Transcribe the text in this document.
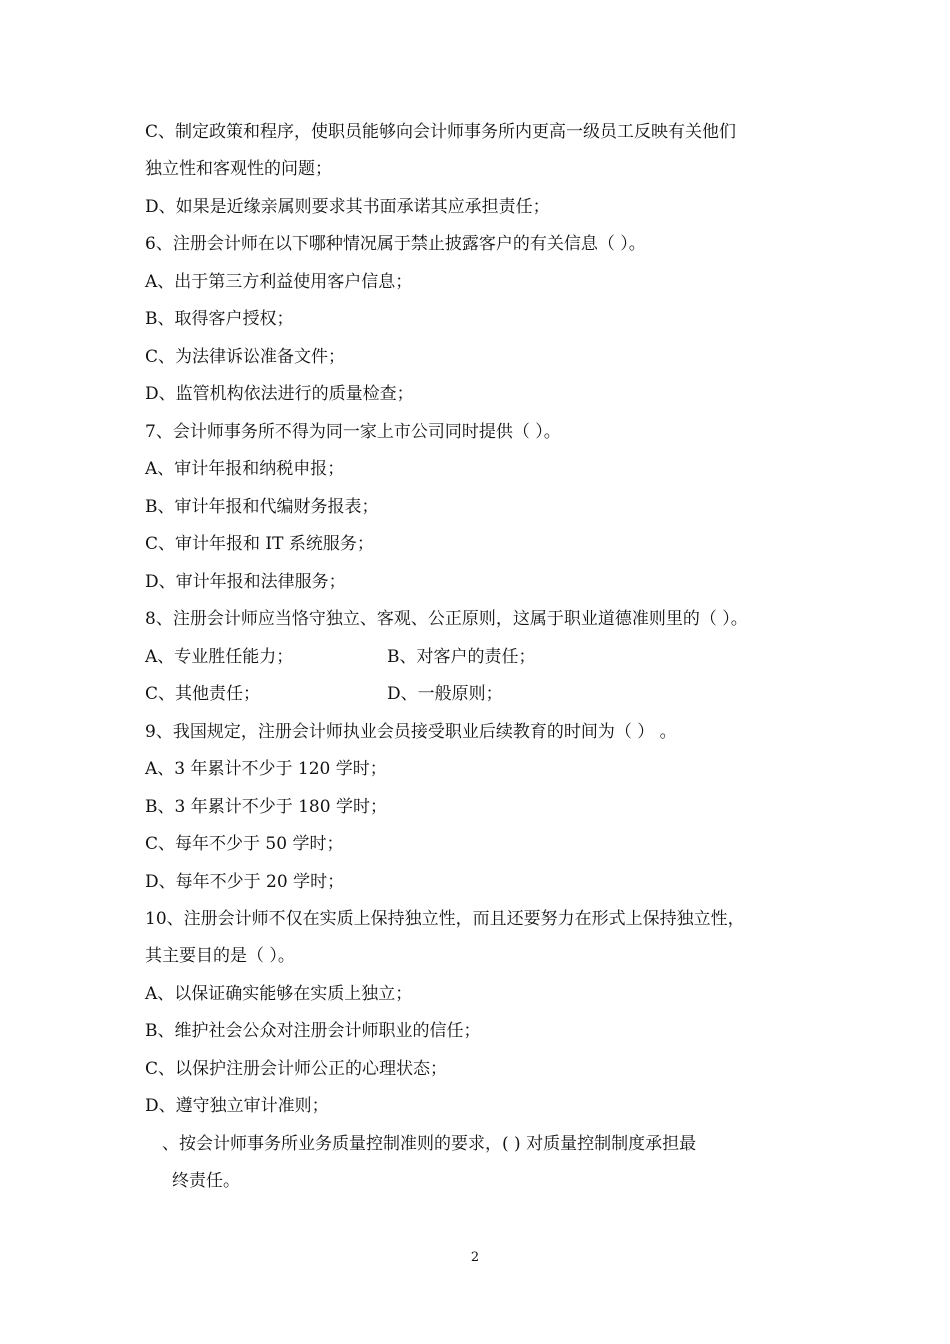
C、制定政策和程序，使职员能够向会计师事务所内更高一级员工反映有关他们
独立性和客观性的问题；
D、如果是近缘亲属则要求其书面承诺其应承担责任；
6、注册会计师在以下哪种情况属于禁止披露客户的有关信息（ ）。
A、出于第三方利益使用客户信息；
B、取得客户授权；
C、为法律诉讼准备文件；
D、监管机构依法进行的质量检查；
7、会计师事务所不得为同一家上市公司同时提供（ ）。
A、审计年报和纳税申报；
B、审计年报和代编财务报表；
C、审计年报和 IT 系统服务；
D、审计年报和法律服务；
8、注册会计师应当恪守独立、客观、公正原则，这属于职业道德准则里的（ ）。
A、专业胜任能力；	B、对客户的责任；
C、其他责任；	D、一般原则；
9、我国规定，注册会计师执业会员接受职业后续教育的时间为（ ） 。
A、3 年累计不少于 120 学时；
B、3 年累计不少于 180 学时；
C、每年不少于 50 学时；
D、每年不少于 20 学时；
10、注册会计师不仅在实质上保持独立性，而且还要努力在形式上保持独立性，
其主要目的是（ ）。
A、以保证确实能够在实质上独立；
B、维护社会公众对注册会计师职业的信任；
C、以保护注册会计师公正的心理状态；
D、遵守独立审计准则；
、按会计师事务所业务质量控制准则的要求，( ) 对质量控制制度承担最
终责任。
2
